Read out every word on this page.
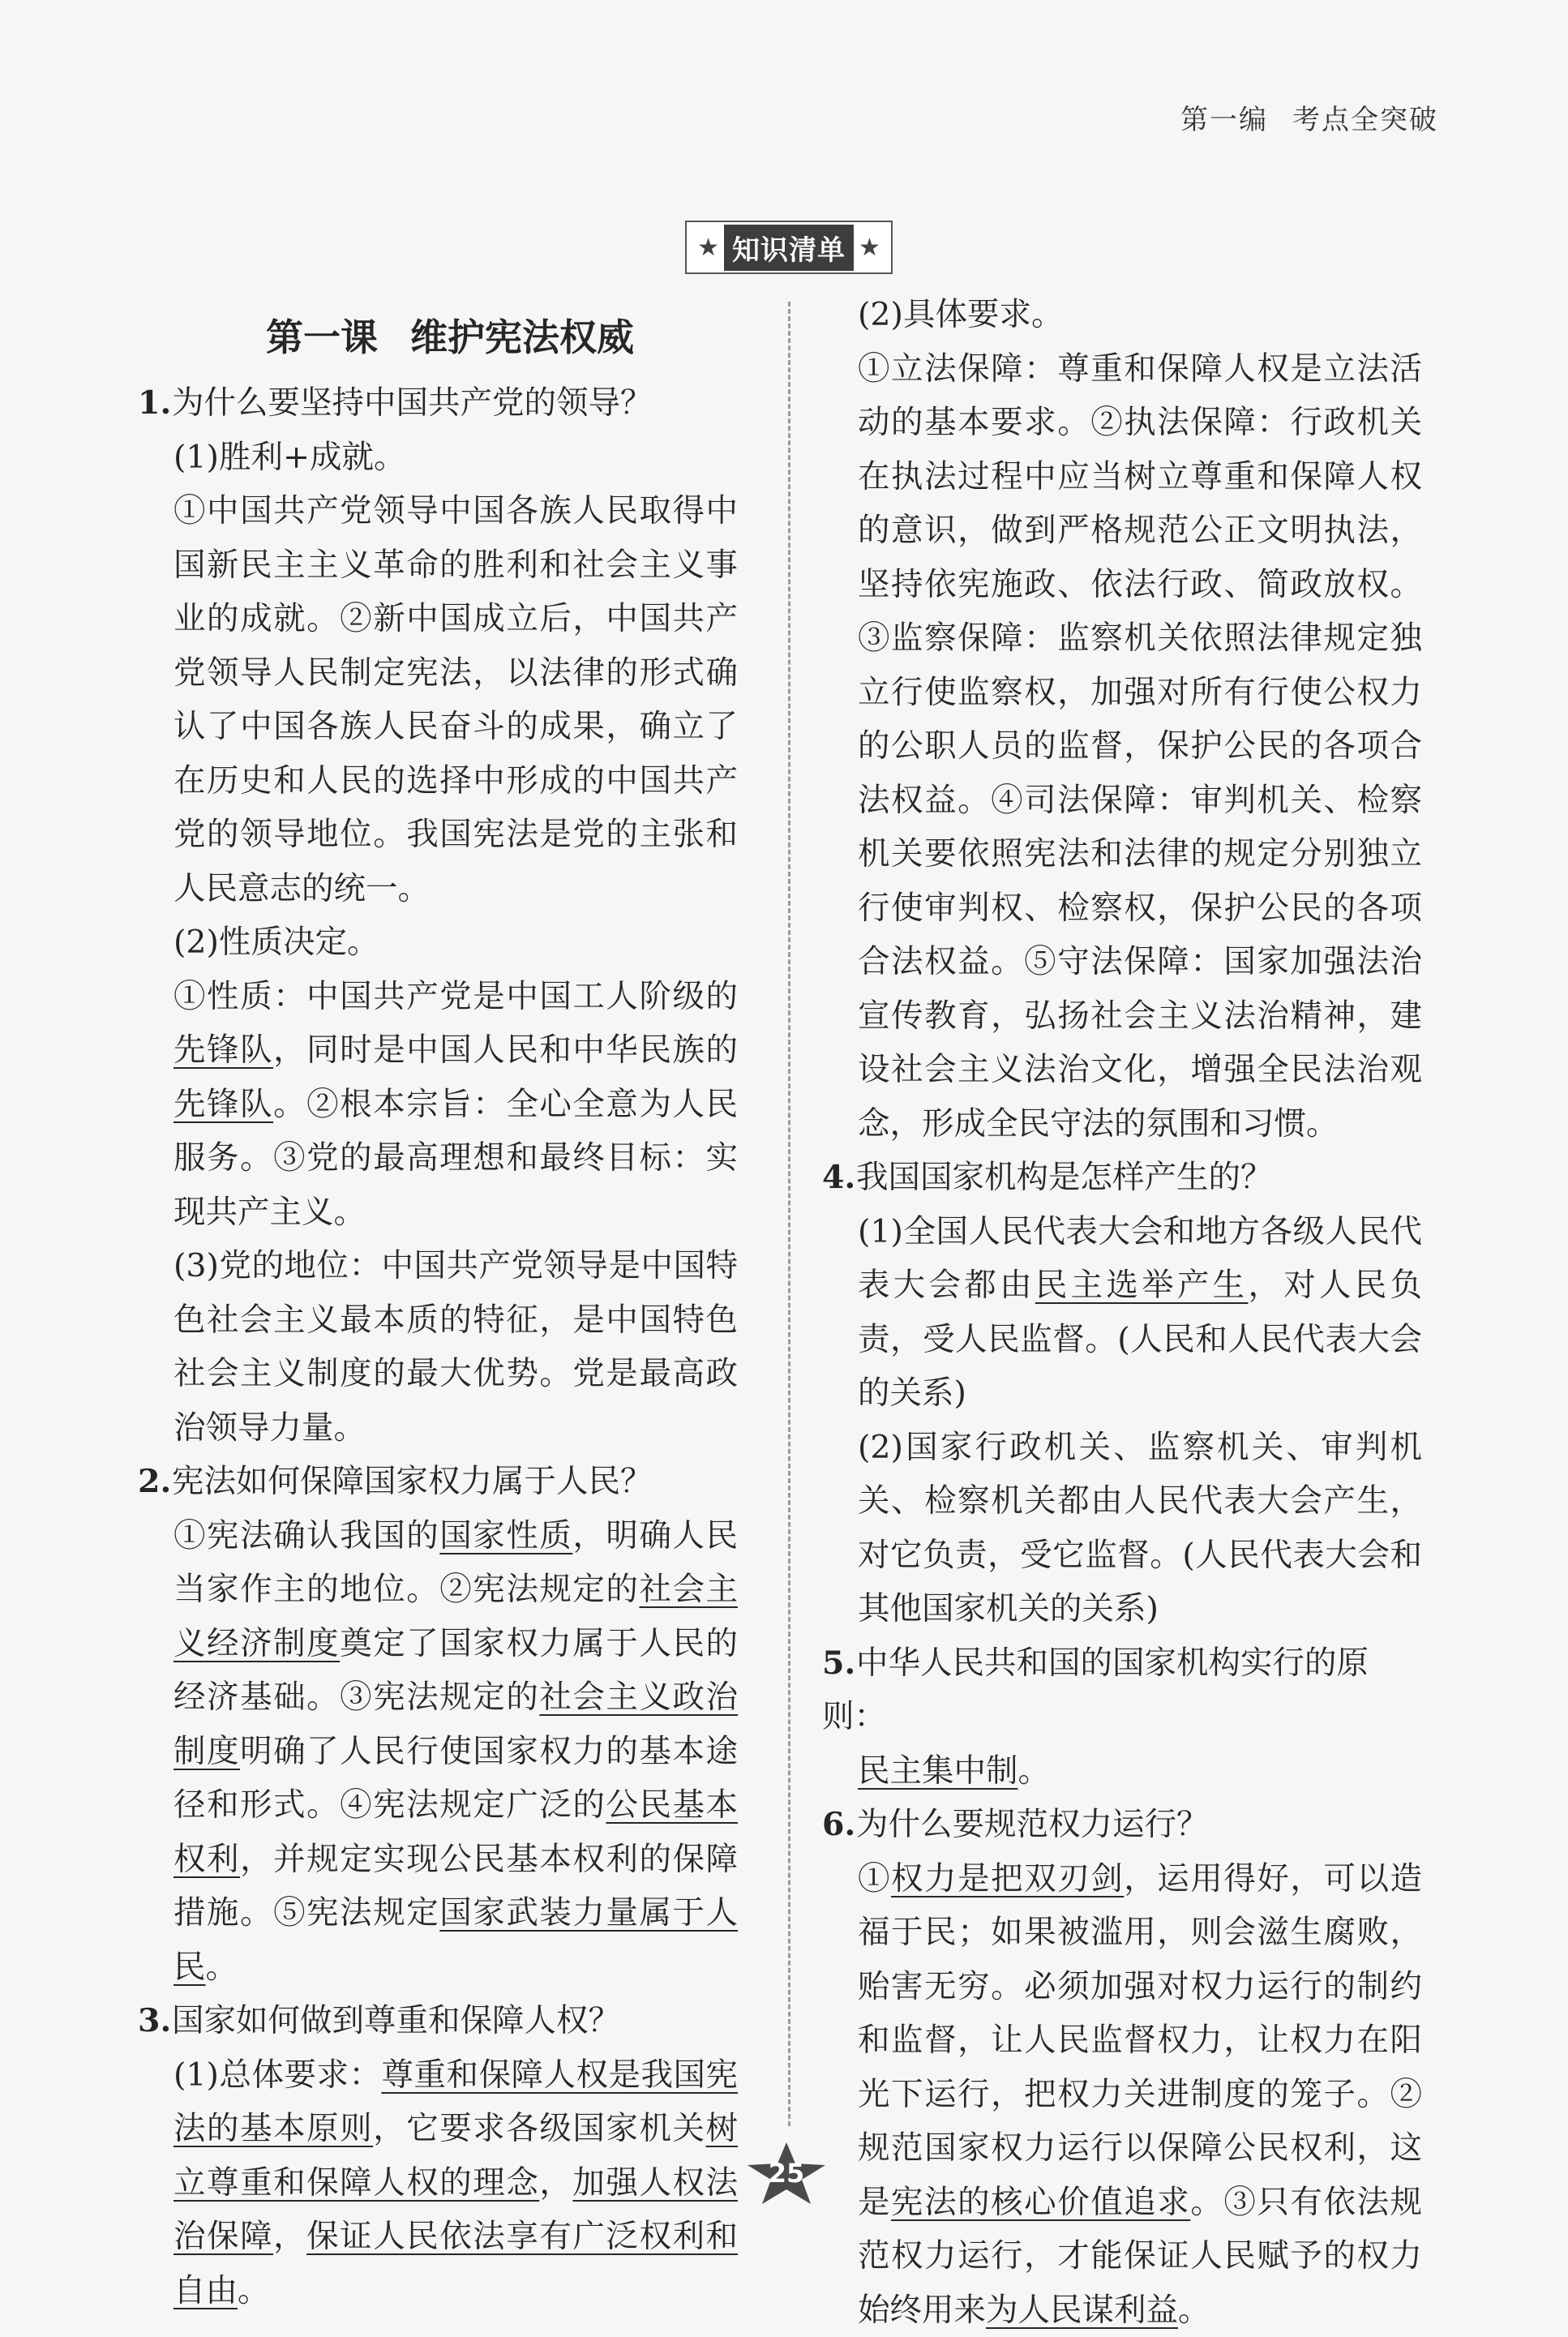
第一编 考点全突破
★ 知识清单 ★
第一课 维护宪法权威

1.为什么要坚持中国共产党的领导？

(1)胜利+成就。

①中国共产党领导中国各族人民取得中国新民主主义革命的胜利和社会主义事业的成就。②新中国成立后，中国共产党领导人民制定宪法，以法律的形式确认了中国各族人民奋斗的成果，确立了在历史和人民的选择中形成的中国共产党的领导地位。我国宪法是党的主张和人民意志的统一。

(2)性质决定。

①性质：中国共产党是中国工人阶级的先锋队，同时是中国人民和中华民族的先锋队。②根本宗旨：全心全意为人民服务。③党的最高理想和最终目标：实现共产主义。

(3)党的地位：中国共产党领导是中国特色社会主义最本质的特征，是中国特色社会主义制度的最大优势。党是最高政治领导力量。

2.宪法如何保障国家权力属于人民？

①宪法确认我国的国家性质，明确人民当家作主的地位。②宪法规定的社会主义经济制度奠定了国家权力属于人民的经济基础。③宪法规定的社会主义政治制度明确了人民行使国家权力的基本途径和形式。④宪法规定广泛的公民基本权利，并规定实现公民基本权利的保障措施。⑤宪法规定国家武装力量属于人民。

3.国家如何做到尊重和保障人权？

(1)总体要求：尊重和保障人权是我国宪法的基本原则，它要求各级国家机关树立尊重和保障人权的理念，加强人权法治保障，保证人民依法享有广泛权利和自由。

(2)具体要求。

①立法保障：尊重和保障人权是立法活动的基本要求。②执法保障：行政机关在执法过程中应当树立尊重和保障人权的意识，做到严格规范公正文明执法，坚持依宪施政、依法行政、简政放权。③监察保障：监察机关依照法律规定独立行使监察权，加强对所有行使公权力的公职人员的监督，保护公民的各项合法权益。④司法保障：审判机关、检察机关要依照宪法和法律的规定分别独立行使审判权、检察权，保护公民的各项合法权益。⑤守法保障：国家加强法治宣传教育，弘扬社会主义法治精神，建设社会主义法治文化，增强全民法治观念，形成全民守法的氛围和习惯。

4.我国国家机构是怎样产生的？

(1)全国人民代表大会和地方各级人民代表大会都由民主选举产生，对人民负责，受人民监督。(人民和人民代表大会的关系)

(2)国家行政机关、监察机关、审判机关、检察机关都由人民代表大会产生，对它负责，受它监督。(人民代表大会和其他国家机关的关系)

5.中华人民共和国的国家机构实行的原则：

民主集中制。

6.为什么要规范权力运行？

①权力是把双刃剑，运用得好，可以造福于民；如果被滥用，则会滋生腐败，贻害无穷。必须加强对权力运行的制约和监督，让人民监督权力，让权力在阳光下运行，把权力关进制度的笼子。②规范国家权力运行以保障公民权利，这是宪法的核心价值追求。③只有依法规范权力运行，才能保证人民赋予的权力始终用来为人民谋利益。

25
